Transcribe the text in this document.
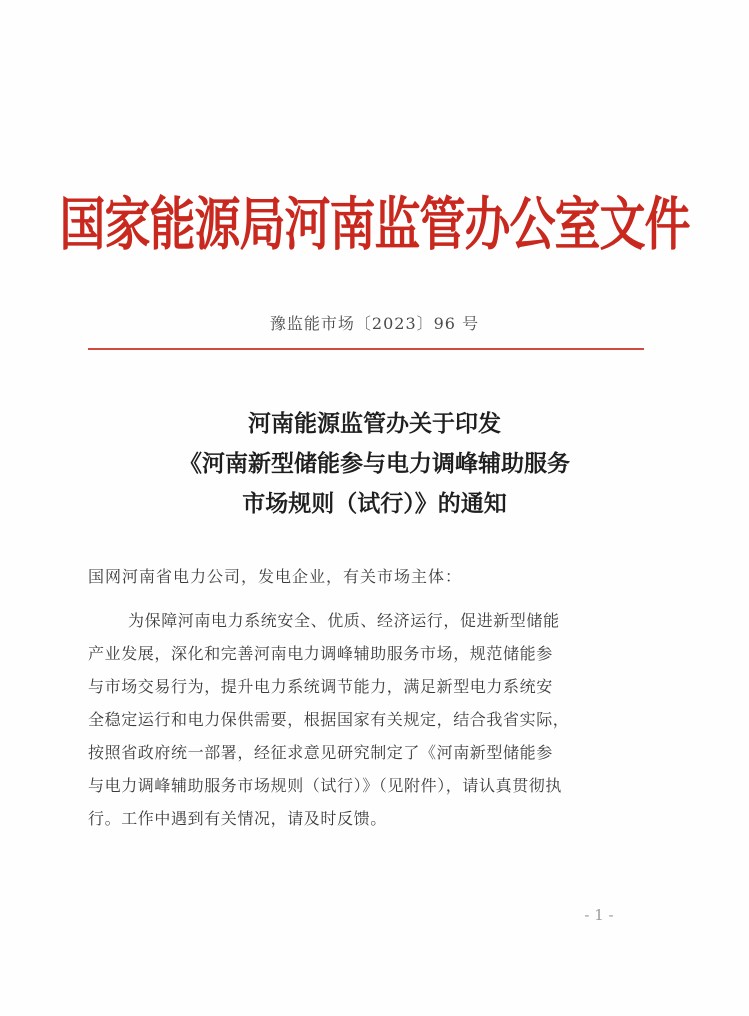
国家能源局河南监管办公室文件
豫监能市场〔2023〕96 号
河南能源监管办关于印发
《河南新型储能参与电力调峰辅助服务
市场规则（试行）》的通知
国网河南省电力公司，发电企业，有关市场主体：
为保障河南电力系统安全、优质、经济运行，促进新型储能
产业发展，深化和完善河南电力调峰辅助服务市场，规范储能参
与市场交易行为，提升电力系统调节能力，满足新型电力系统安
全稳定运行和电力保供需要，根据国家有关规定，结合我省实际，
按照省政府统一部署，经征求意见研究制定了《河南新型储能参
与电力调峰辅助服务市场规则（试行）》（见附件），请认真贯彻执
行。工作中遇到有关情况，请及时反馈。
- 1 -
